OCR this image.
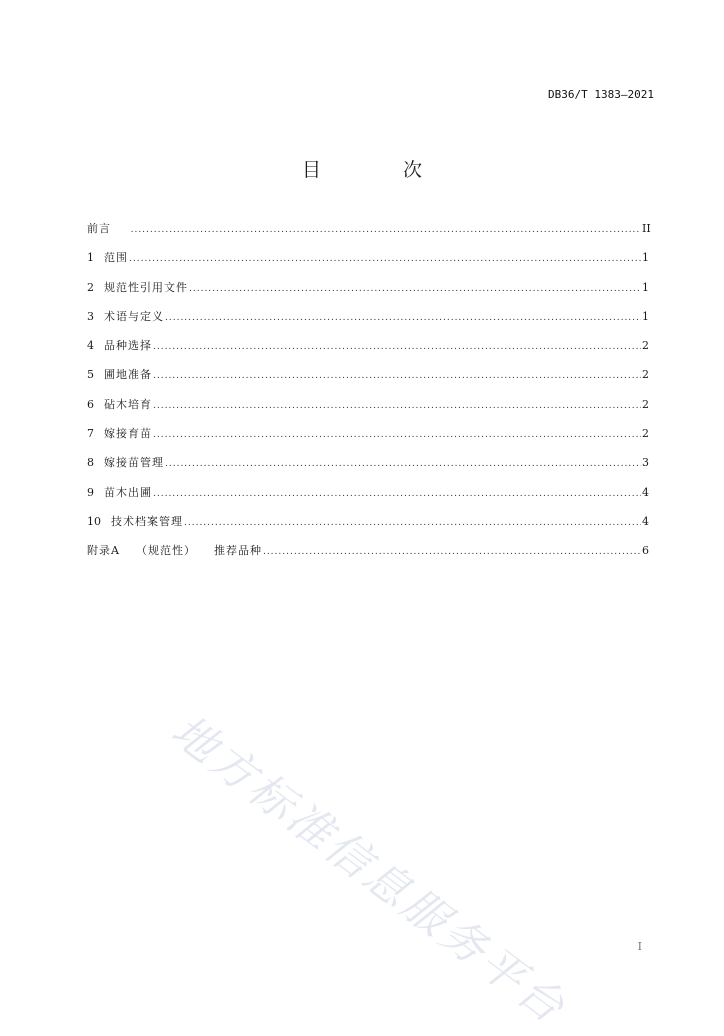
DB36/T 1383—2021
目 次
前言 .....	II
1 范围 .....	1
2 规范性引用文件 .....	1
3 术语与定义 .....	1
4 品种选择 .....	2
5 圃地准备 .....	2
6 砧木培育 .....	2
7 嫁接育苗 .....	2
8 嫁接苗管理 .....	3
9 苗木出圃 .....	4
10 技术档案管理 .....	4
附录A	（规范性）	推荐品种 .....	6
地方标准信息服务平台	I
